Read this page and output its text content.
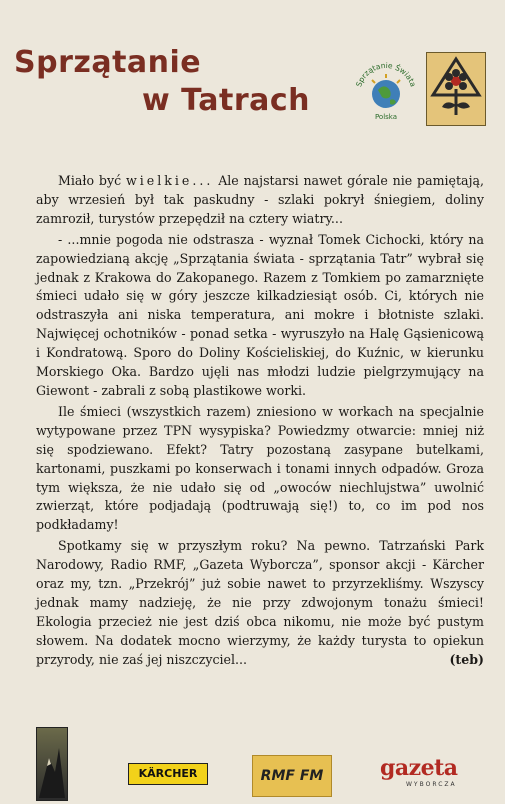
Sprzątanie
w Tatrach	Sprzątanie Świata
Polska

Miało być wielkie... Ale najstarsi nawet górale nie pamiętają, aby wrzesień był tak paskudny - szlaki pokrył śniegiem, doliny zamroził, turystów przepędził na cztery wiatry...

- ...mnie pogoda nie odstrasza - wyznał Tomek Cichocki, który na zapowiedzianą akcję „Sprzątania świata - sprzątania Tatr” wybrał się jednak z Krakowa do Zakopanego. Razem z Tomkiem po zamarznięte śmieci udało się w góry jeszcze kilkadziesiąt osób. Ci, których nie odstraszyła ani niska temperatura, ani mokre i błotniste szlaki. Najwięcej ochotników - ponad setka - wyruszyło na Halę Gąsienicową i Kondratową. Sporo do Doliny Kościeliskiej, do Kuźnic, w kierunku Morskiego Oka. Bardzo ujęli nas młodzi ludzie pielgrzymujący na Giewont - zabrali z sobą plastikowe worki.

Ile śmieci (wszystkich razem) zniesiono w workach na specjalnie wytypowane przez TPN wysypiska? Powiedzmy otwarcie: mniej niż się spodziewano. Efekt? Tatry pozostaną zasypane butelkami, kartonami, puszkami po konserwach i tonami innych odpadów. Groza tym większa, że nie udało się od „owoców niechlujstwa” uwolnić zwierząt, które podjadają (podtruwają się!) to, co im pod nos podkładamy!

Spotkamy się w przyszłym roku? Na pewno. Tatrzański Park Narodowy, Radio RMF, „Gazeta Wyborcza”, sponsor akcji - Kärcher oraz my, tzn. „Przekrój” już sobie nawet to przyrzekliśmy. Wszyscy jednak mamy nadzieję, że nie przy zdwojonym tonażu śmieci! Ekologia przecież nie jest dziś obca nikomu, nie może być pustym słowem. Na dodatek mocno wierzymy, że każdy turysta to opiekun przyrody, nie zaś jej niszczyciel...	(teb)

KÄRCHER	RMF FM	gazeta
WYBORCZA
